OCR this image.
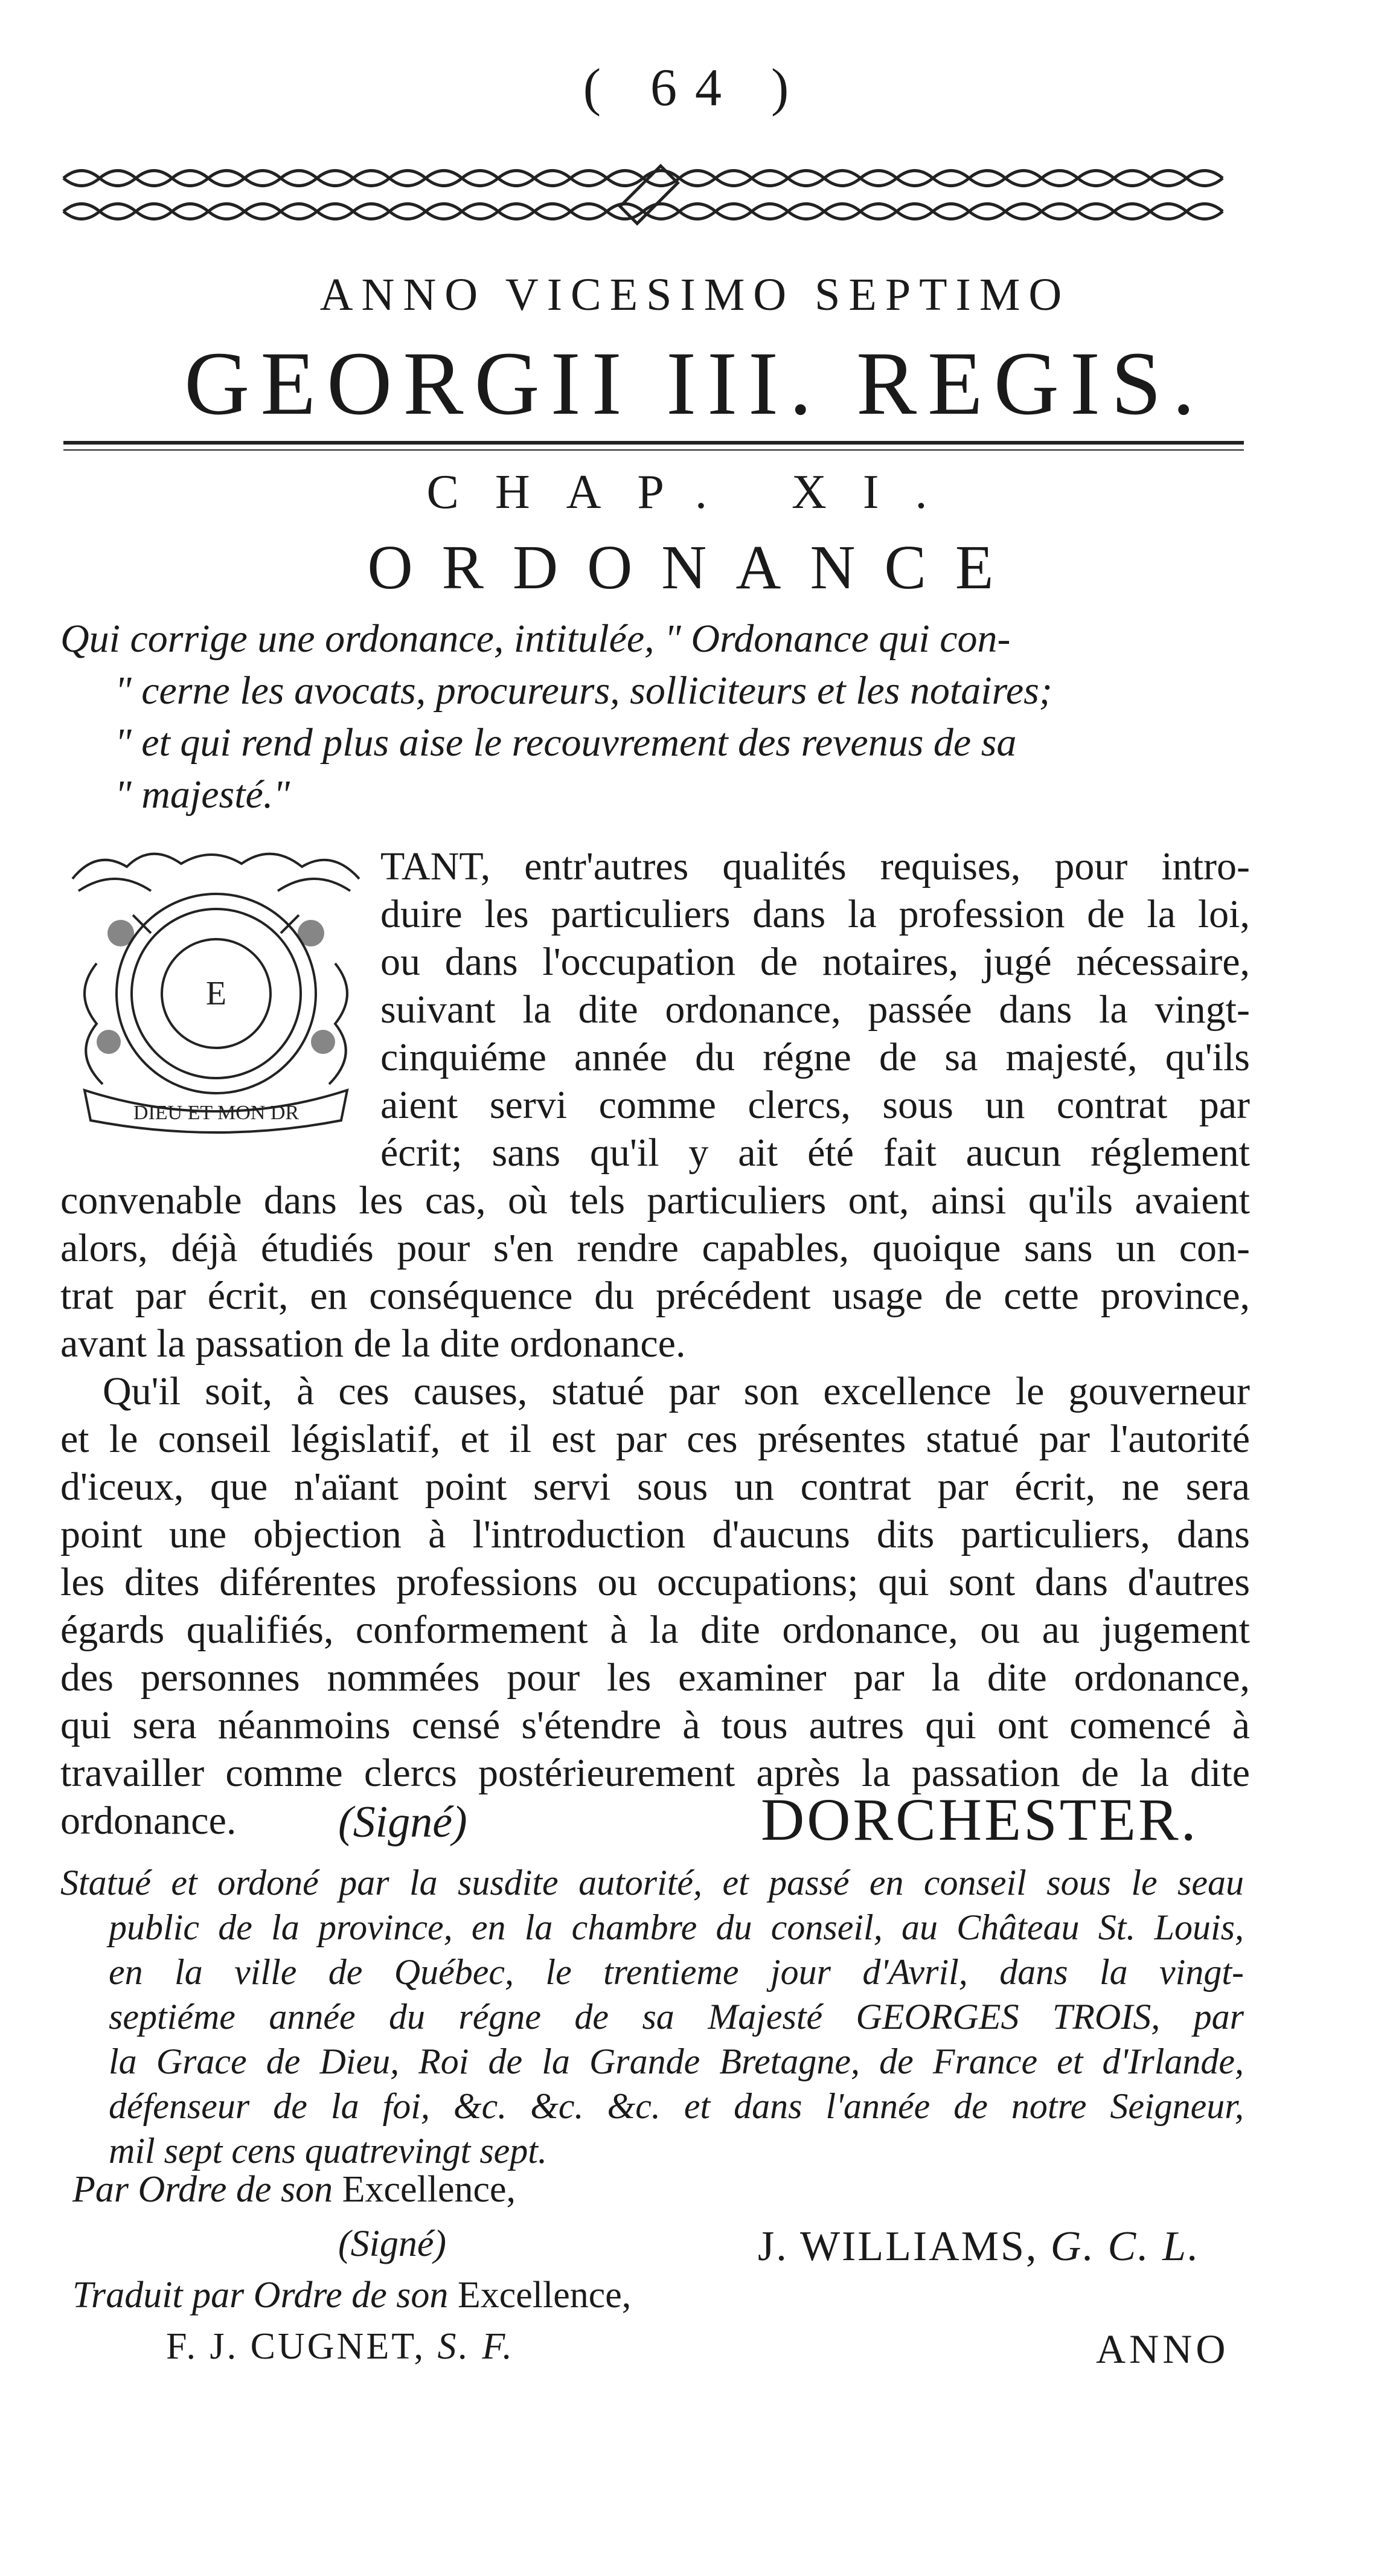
( 64 )
ANNO VICESIMO SEPTIMO
GEORGII III. REGIS.
CHAP. XI.
ORDONANCE
Qui corrige une ordonance, intitulée, " Ordonance qui con-
" cerne les avocats, procureurs, solliciteurs et les notaires;
" et qui rend plus aise le recouvrement des revenus de sa
" majesté."
E
DIEU ET MON DR
TANT, entr'autres qualités requises, pour intro-
duire les particuliers dans la profession de la loi,
ou dans l'occupation de notaires, jugé nécessaire,
suivant la dite ordonance, passée dans la vingt-
cinquiéme année du régne de sa majesté, qu'ils
aient servi comme clercs, sous un contrat par
écrit; sans qu'il y ait été fait aucun réglement
convenable dans les cas, où tels particuliers ont, ainsi qu'ils avaient
alors, déjà étudiés pour s'en rendre capables, quoique sans un con-
trat par écrit, en conséquence du précédent usage de cette province,
avant la passation de la dite ordonance.
Qu'il soit, à ces causes, statué par son excellence le gouverneur
et le conseil législatif, et il est par ces présentes statué par l'autorité
d'iceux, que n'aïant point servi sous un contrat par écrit, ne sera
point une objection à l'introduction d'aucuns dits particuliers, dans
les dites diférentes professions ou occupations; qui sont dans d'autres
égards qualifiés, conformement à la dite ordonance, ou au jugement
des personnes nommées pour les examiner par la dite ordonance,
qui sera néanmoins censé s'étendre à tous autres qui ont comencé à
travailler comme clercs postérieurement après la passation de la dite
ordonance.	(Signé)	DORCHESTER.
Statué et ordoné par la susdite autorité, et passé en conseil sous le seau
public de la province, en la chambre du conseil, au Château St. Louis,
en la ville de Québec, le trentieme jour d'Avril, dans la vingt-
septiéme année du régne de sa Majesté GEORGES TROIS, par
la Grace de Dieu, Roi de la Grande Bretagne, de France et d'Irlande,
défenseur de la foi, &c. &c. &c. et dans l'année de notre Seigneur,
mil sept cens quatrevingt sept.
Par Ordre de son Excellence,
(Signé)	J. WILLIAMS, G. C. L.
Traduit par Ordre de son Excellence,
F. J. CUGNET, S. F.	ANNO
